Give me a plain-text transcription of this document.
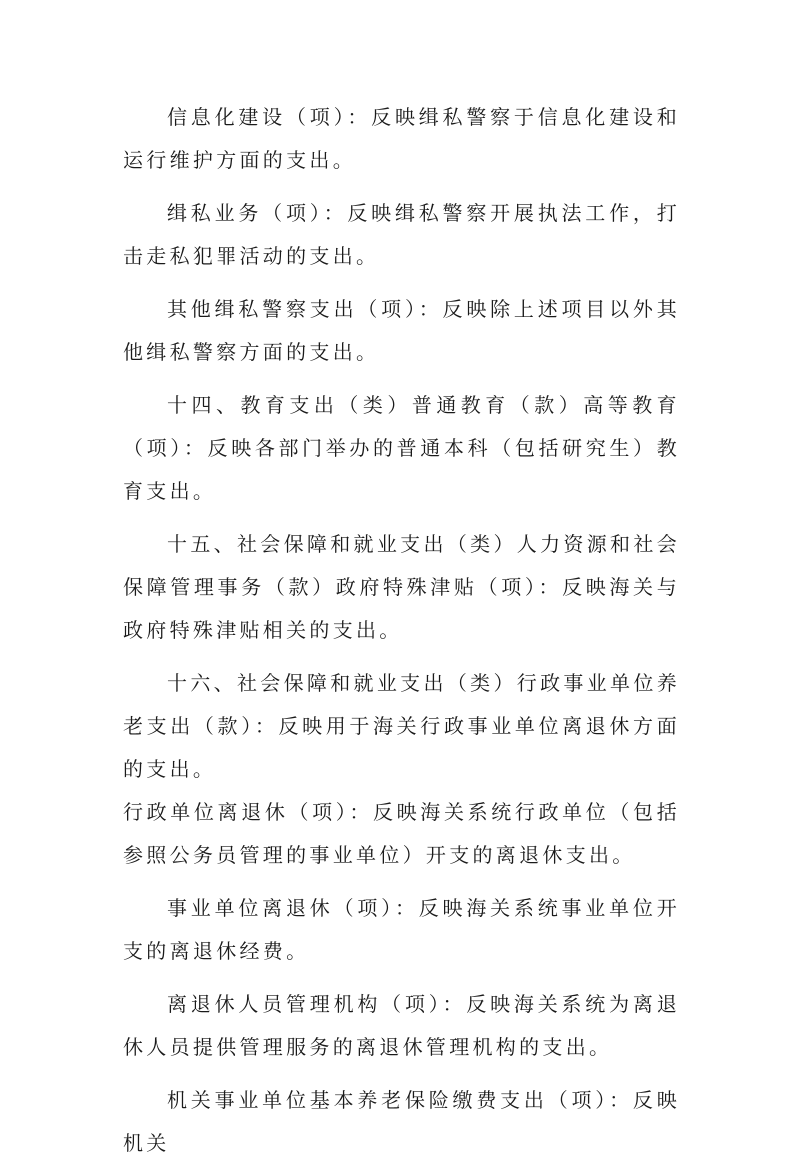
信息化建设（项）：反映缉私警察于信息化建设和运行维护方面的支出。

缉私业务（项）：反映缉私警察开展执法工作，打击走私犯罪活动的支出。

其他缉私警察支出（项）：反映除上述项目以外其他缉私警察方面的支出。

十四、教育支出（类）普通教育（款）高等教育（项）：反映各部门举办的普通本科（包括研究生）教育支出。

十五、社会保障和就业支出（类）人力资源和社会保障管理事务（款）政府特殊津贴（项）：反映海关与政府特殊津贴相关的支出。

十六、社会保障和就业支出（类）行政事业单位养老支出（款）：反映用于海关行政事业单位离退休方面的支出。

行政单位离退休（项）：反映海关系统行政单位（包括参照公务员管理的事业单位）开支的离退休支出。

事业单位离退休（项）：反映海关系统事业单位开支的离退休经费。

离退休人员管理机构（项）：反映海关系统为离退休人员提供管理服务的离退休管理机构的支出。

机关事业单位基本养老保险缴费支出（项）：反映机关
